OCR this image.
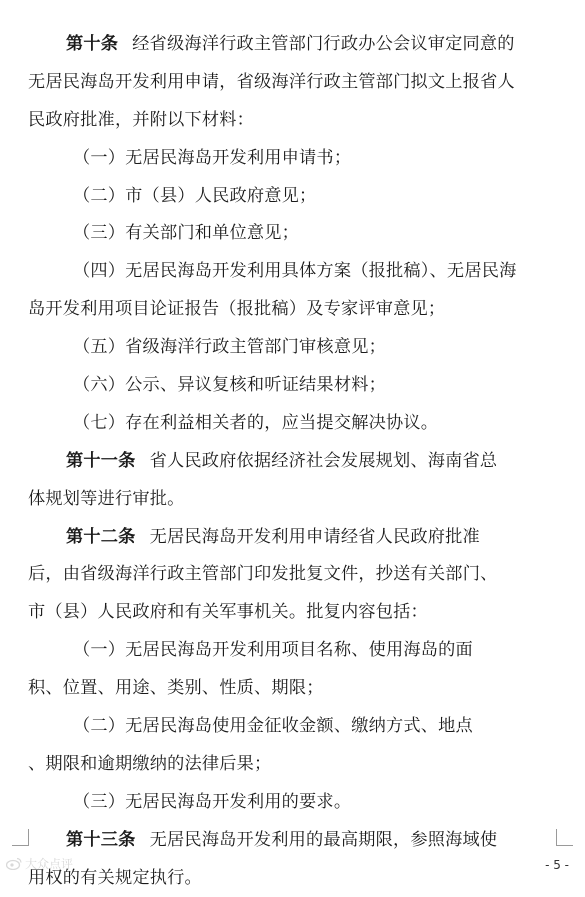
第十条 经省级海洋行政主管部门行政办公会议审定同意的
无居民海岛开发利用申请，省级海洋行政主管部门拟文上报省人
民政府批准，并附以下材料：
（一）无居民海岛开发利用申请书；
（二）市（县）人民政府意见；
（三）有关部门和单位意见；
（四）无居民海岛开发利用具体方案（报批稿）、无居民海
岛开发利用项目论证报告（报批稿）及专家评审意见；
（五）省级海洋行政主管部门审核意见；
（六）公示、异议复核和听证结果材料；
（七）存在利益相关者的，应当提交解决协议。
第十一条 省人民政府依据经济社会发展规划、海南省总
体规划等进行审批。
第十二条 无居民海岛开发利用申请经省人民政府批准
后，由省级海洋行政主管部门印发批复文件，抄送有关部门、
市（县）人民政府和有关军事机关。批复内容包括：
（一）无居民海岛开发利用项目名称、使用海岛的面
积、位置、用途、类别、性质、期限；
（二）无居民海岛使用金征收金额、缴纳方式、地点
、期限和逾期缴纳的法律后果；
（三）无居民海岛开发利用的要求。
第十三条 无居民海岛开发利用的最高期限，参照海域使
用权的有关规定执行。
大众点评	- 5 -
